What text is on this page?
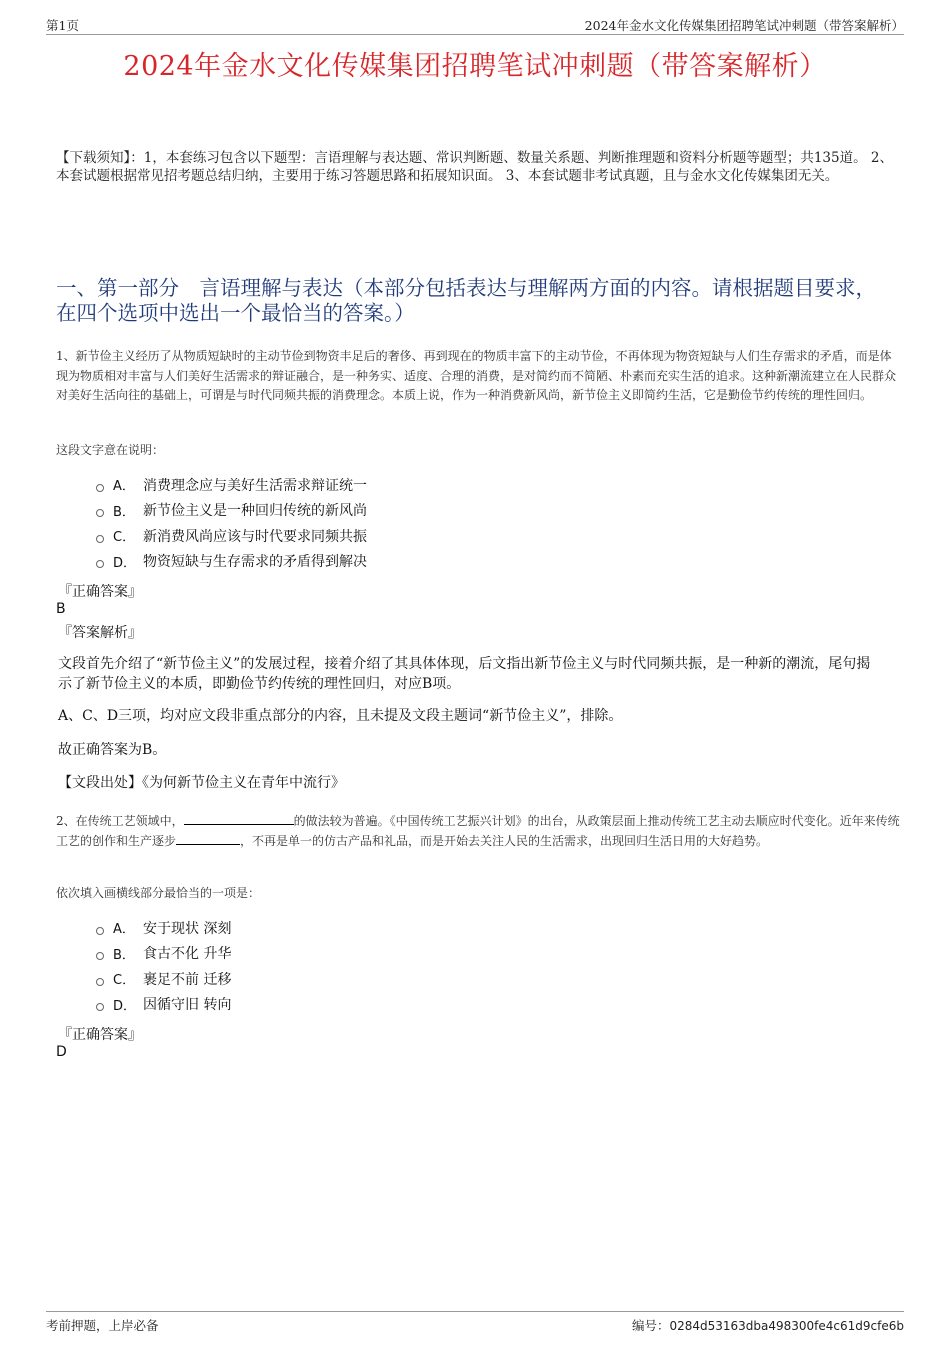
第1页	2024年金水文化传媒集团招聘笔试冲刺题（带答案解析）
2024年金水文化传媒集团招聘笔试冲刺题（带答案解析）
【下载须知】：1，本套练习包含以下题型：言语理解与表达题、常识判断题、数量关系题、判断推理题和资料分析题等题型；共135道。 2、本套试题根据常见招考题总结归纳，主要用于练习答题思路和拓展知识面。 3、本套试题非考试真题，且与金水文化传媒集团无关。
一、第一部分　言语理解与表达（本部分包括表达与理解两方面的内容。请根据题目要求，在四个选项中选出一个最恰当的答案。）
1、新节俭主义经历了从物质短缺时的主动节俭到物资丰足后的奢侈、再到现在的物质丰富下的主动节俭，不再体现为物资短缺与人们生存需求的矛盾，而是体现为物质相对丰富与人们美好生活需求的辩证融合，是一种务实、适度、合理的消费，是对简约而不简陋、朴素而充实生活的追求。这种新潮流建立在人民群众对美好生活向往的基础上，可谓是与时代同频共振的消费理念。本质上说，作为一种消费新风尚，新节俭主义即简约生活，它是勤俭节约传统的理性回归。
这段文字意在说明：
A． 消费理念应与美好生活需求辩证统一
B． 新节俭主义是一种回归传统的新风尚
C． 新消费风尚应该与时代要求同频共振
D． 物资短缺与生存需求的矛盾得到解决
『正确答案』
B
『答案解析』
文段首先介绍了“新节俭主义”的发展过程，接着介绍了其具体体现，后文指出新节俭主义与时代同频共振，是一种新的潮流，尾句揭示了新节俭主义的本质，即勤俭节约传统的理性回归，对应B项。
A、C、D三项，均对应文段非重点部分的内容，且未提及文段主题词“新节俭主义”，排除。
故正确答案为B。
【文段出处】《为何新节俭主义在青年中流行》
2、在传统工艺领域中，	的做法较为普遍。《中国传统工艺振兴计划》的出台，从政策层面上推动传统工艺主动去顺应时代变化。近年来传统工艺的创作和生产逐步	，不再是单一的仿古产品和礼品，而是开始去关注人民的生活需求，出现回归生活日用的大好趋势。
依次填入画横线部分最恰当的一项是：
A． 安于现状 深刻
B． 食古不化 升华
C． 裹足不前 迁移
D． 因循守旧 转向
『正确答案』
D
考前押题，上岸必备	编号：0284d53163dba498300fe4c61d9cfe6b
